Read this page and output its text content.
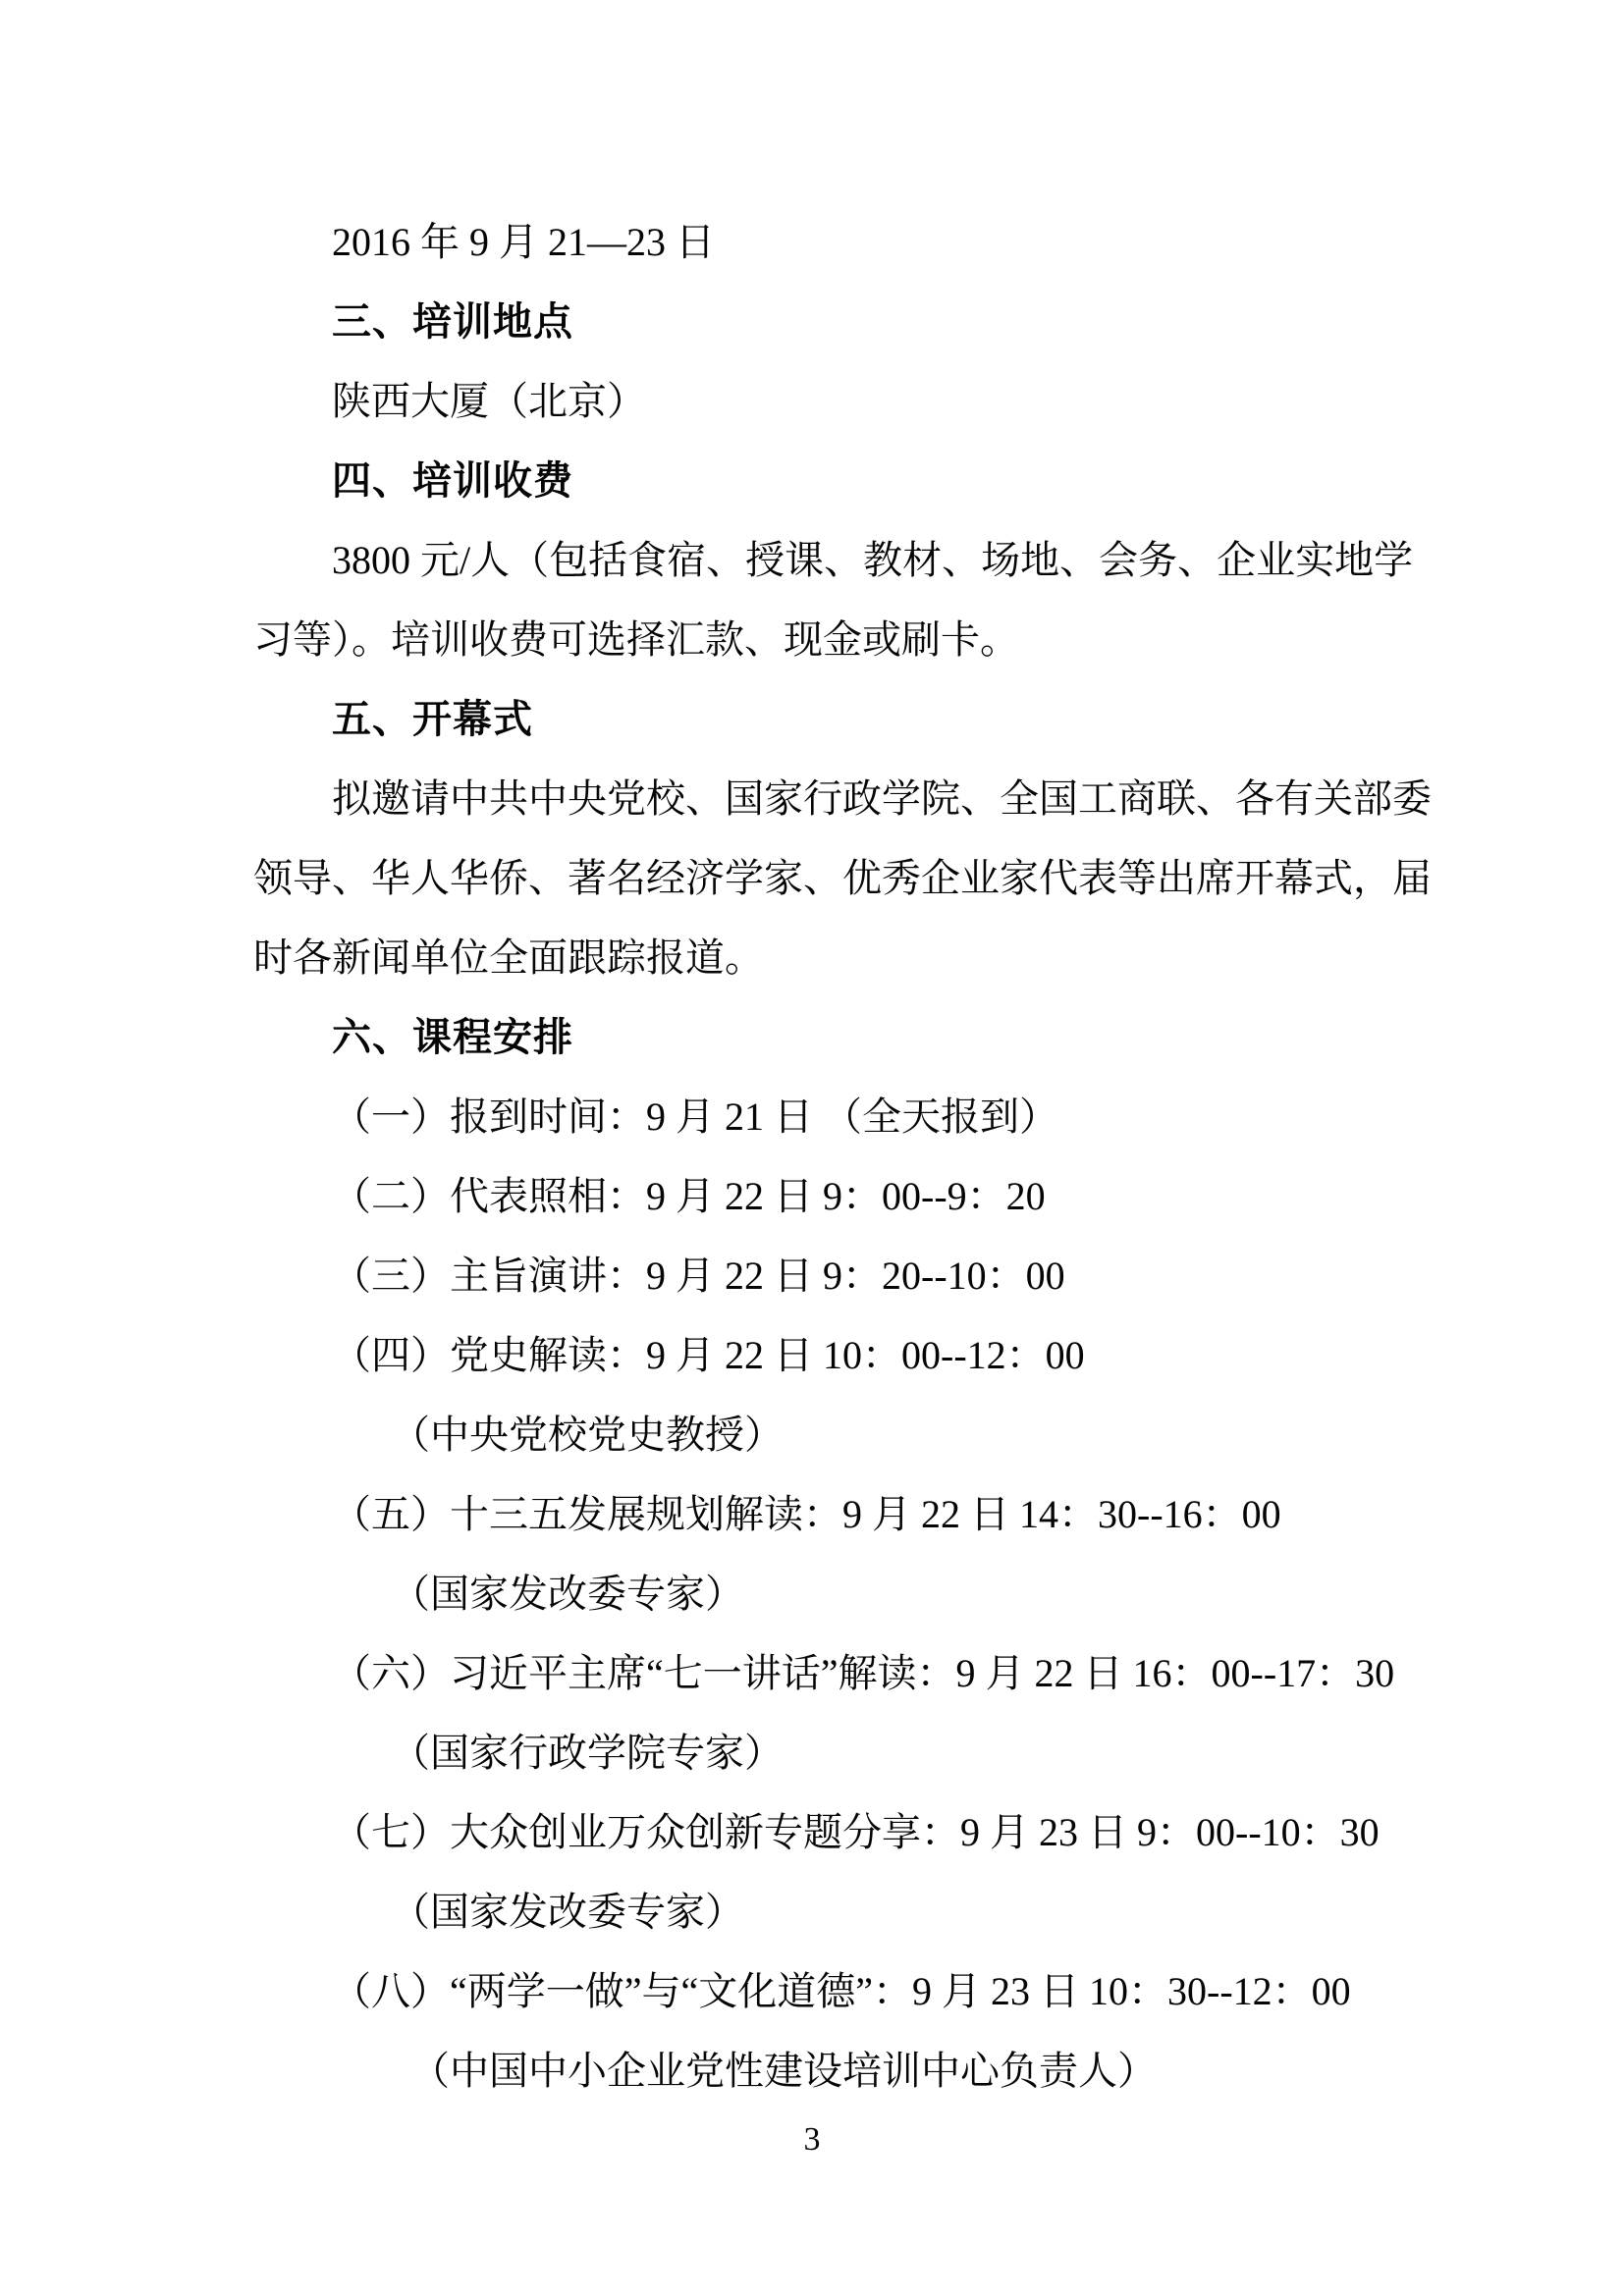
2016 年 9 月 21—23 日
三、培训地点
陕西大厦（北京）
四、培训收费
3800 元/人（包括食宿、授课、教材、场地、会务、企业实地学
习等）。培训收费可选择汇款、现金或刷卡。
五、开幕式
拟邀请中共中央党校、国家行政学院、全国工商联、各有关部委
领导、华人华侨、著名经济学家、优秀企业家代表等出席开幕式，届
时各新闻单位全面跟踪报道。
六、课程安排
（一）报到时间：9 月 21 日 （全天报到）
（二）代表照相：9 月 22 日 9：00--9：20
（三）主旨演讲：9 月 22 日 9：20--10：00
（四）党史解读：9 月 22 日 10：00--12：00
（中央党校党史教授）
（五）十三五发展规划解读：9 月 22 日 14：30--16：00
（国家发改委专家）
（六）习近平主席“七一讲话”解读：9 月 22 日 16：00--17：30
（国家行政学院专家）
（七）大众创业万众创新专题分享：9 月 23 日 9：00--10：30
（国家发改委专家）
（八）“两学一做”与“文化道德”：9 月 23 日 10：30--12：00
（中国中小企业党性建设培训中心负责人）
3
